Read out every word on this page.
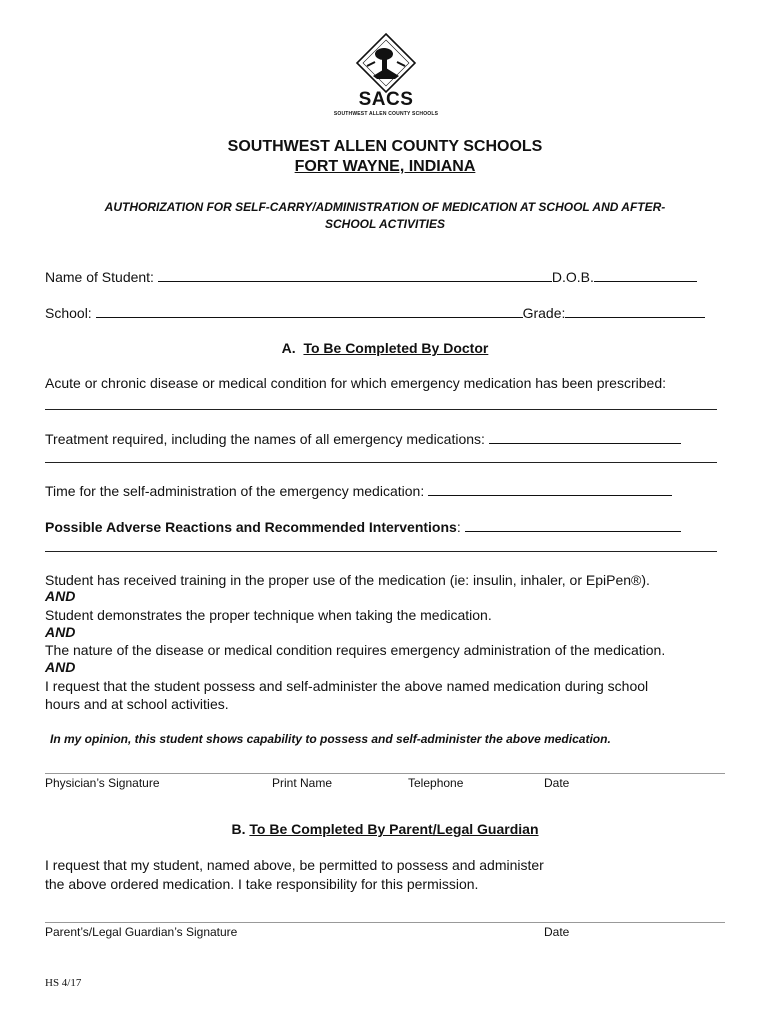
SACS
SOUTHWEST ALLEN COUNTY SCHOOLS
SOUTHWEST ALLEN COUNTY SCHOOLS
FORT WAYNE, INDIANA
AUTHORIZATION FOR SELF-CARRY/ADMINISTRATION OF MEDICATION AT SCHOOL AND AFTER-
SCHOOL ACTIVITIES
Name of Student:	D.O.B.
School:	Grade:
A. To Be Completed By Doctor
Acute or chronic disease or medical condition for which emergency medication has been prescribed:
Treatment required, including the names of all emergency medications:
Time for the self-administration of the emergency medication:
Possible Adverse Reactions and Recommended Interventions:
Student has received training in the proper use of the medication (ie: insulin, inhaler, or EpiPen®).
AND
Student demonstrates the proper technique when taking the medication.
AND
The nature of the disease or medical condition requires emergency administration of the medication.
AND
I request that the student possess and self-administer the above named medication during school
hours and at school activities.
In my opinion, this student shows capability to possess and self-administer the above medication.
Physician’s Signature	Print Name	Telephone	Date
B. To Be Completed By Parent/Legal Guardian
I request that my student, named above, be permitted to possess and administer
the above ordered medication. I take responsibility for this permission.
Parent’s/Legal Guardian’s Signature	Date
HS 4/17
